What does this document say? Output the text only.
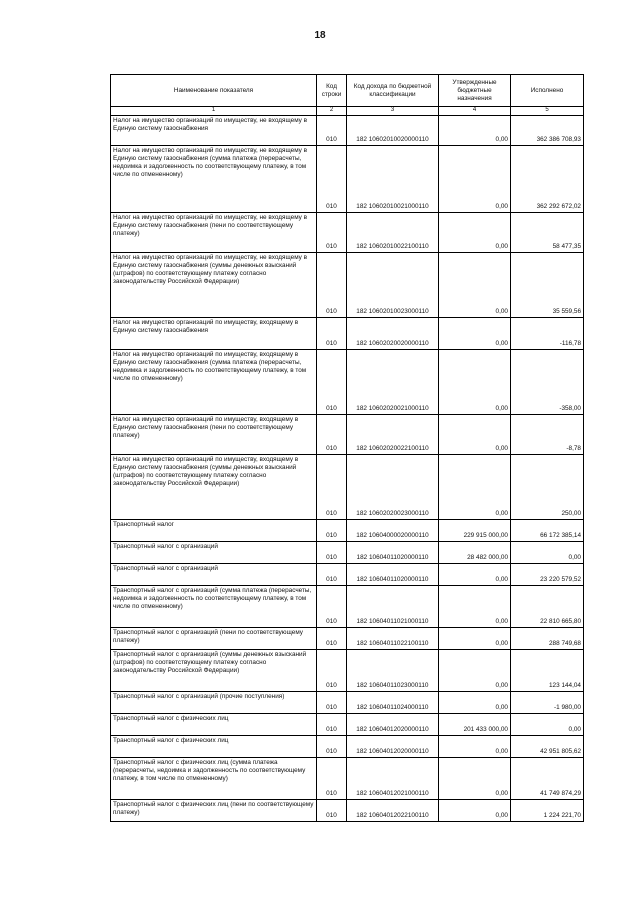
18
Наименование показателя	Код строки	Код дохода по бюджетной классификации	Утвержденные бюджетные назначения	Исполнено
1	2	3	4	5
Налог на имущество организаций по имуществу, не входящему в Единую систему газоснабжения	010	182 10602010020000110	0,00	362 386 708,93
Налог на имущество организаций по имуществу, не входящему в Единую систему газоснабжения (сумма платежа (перерасчеты, недоимка и задолженность по соответствующему платежу, в том числе по отмененному)	010	182 10602010021000110	0,00	362 292 672,02
Налог на имущество организаций по имуществу, не входящему в Единую систему газоснабжения (пени по соответствующему платежу)	010	182 10602010022100110	0,00	58 477,35
Налог на имущество организаций по имуществу, не входящему в Единую систему газоснабжения (суммы денежных взысканий (штрафов) по соответствующему платежу согласно законодательству Российской Федерации)	010	182 10602010023000110	0,00	35 559,56
Налог на имущество организаций по имуществу, входящему в Единую систему газоснабжения	010	182 10602020020000110	0,00	-116,78
Налог на имущество организаций по имуществу, входящему в Единую систему газоснабжения (сумма платежа (перерасчеты, недоимка и задолженность по соответствующему платежу, в том числе по отмененному)	010	182 10602020021000110	0,00	-358,00
Налог на имущество организаций по имуществу, входящему в Единую систему газоснабжения (пени по соответствующему платежу)	010	182 10602020022100110	0,00	-8,78
Налог на имущество организаций по имуществу, входящему в Единую систему газоснабжения (суммы денежных взысканий (штрафов) по соответствующему платежу согласно законодательству Российской Федерации)	010	182 10602020023000110	0,00	250,00
Транспортный налог	010	182 10604000020000110	229 915 000,00	66 172 385,14
Транспортный налог с организаций	010	182 10604011020000110	28 482 000,00	0,00
Транспортный налог с организаций	010	182 10604011020000110	0,00	23 220 579,52
Транспортный налог с организаций (сумма платежа (перерасчеты, недоимка и задолженность по соответствующему платежу, в том числе по отмененному)	010	182 10604011021000110	0,00	22 810 665,80
Транспортный налог с организаций (пени по соответствующему платежу)	010	182 10604011022100110	0,00	288 749,68
Транспортный налог с организаций (суммы денежных взысканий (штрафов) по соответствующему платежу согласно законодательству Российской Федерации)	010	182 10604011023000110	0,00	123 144,04
Транспортный налог с организаций (прочие поступления)	010	182 10604011024000110	0,00	-1 980,00
Транспортный налог с физических лиц	010	182 10604012020000110	201 433 000,00	0,00
Транспортный налог с физических лиц	010	182 10604012020000110	0,00	42 951 805,62
Транспортный налог с физических лиц (сумма платежа (перерасчеты, недоимка и задолженность по соответствующему платежу, в том числе по отмененному)	010	182 10604012021000110	0,00	41 749 874,29
Транспортный налог с физических лиц (пени по соответствующему платежу)	010	182 10604012022100110	0,00	1 224 221,70
